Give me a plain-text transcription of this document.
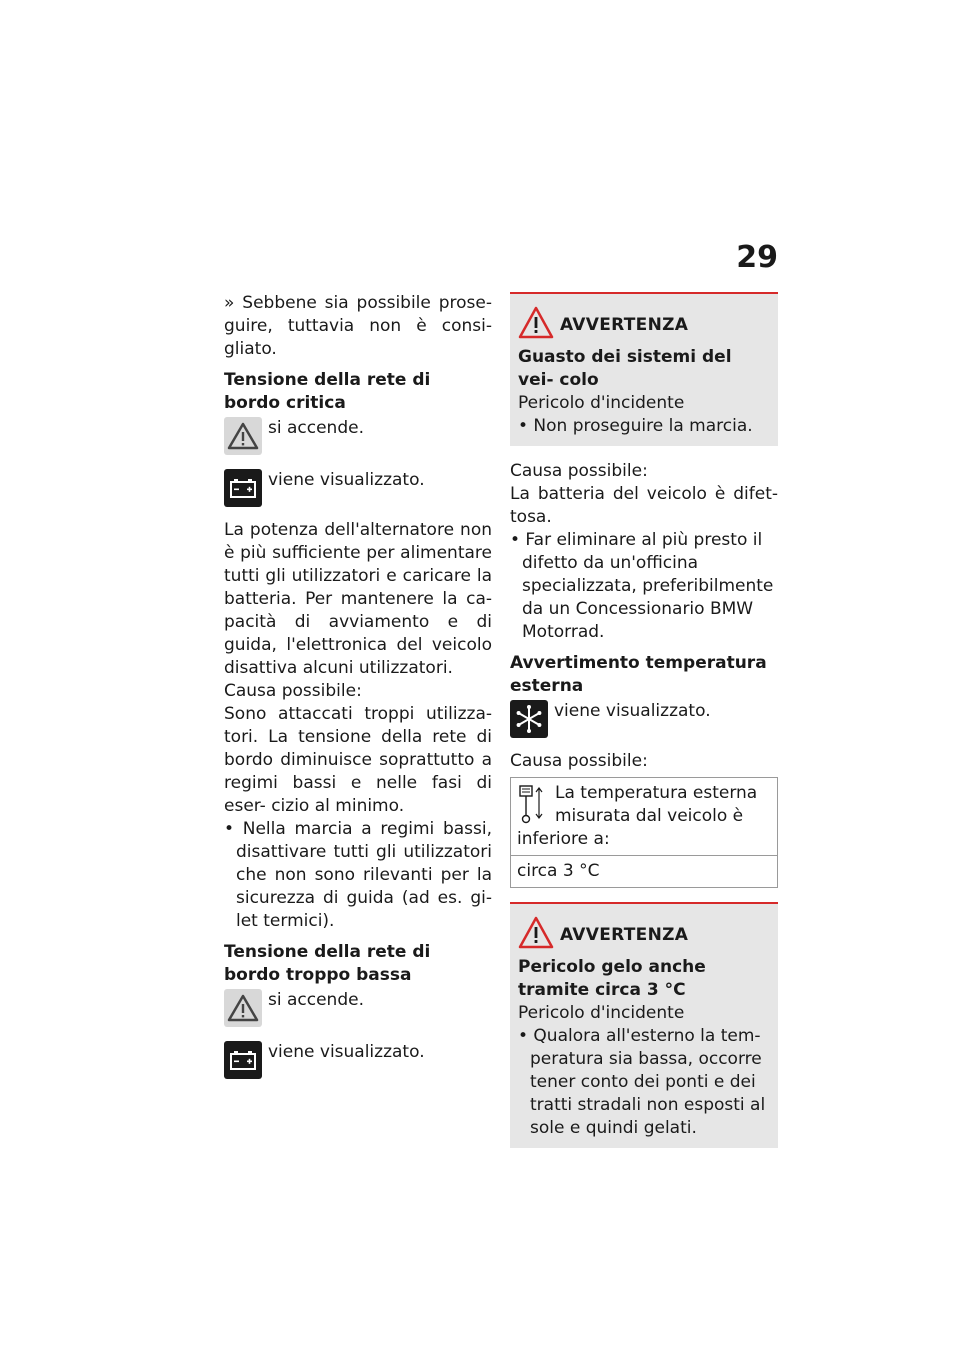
29

» Sebbene sia possibile prose- guire, tuttavia non è consi- gliato.

Tensione della rete di bordo critica

si accende.

viene visualizzato.

La potenza dell'alternatore non è più sufficiente per alimentare tutti gli utilizzatori e caricare la batteria. Per mantenere la ca- pacità di avviamento e di guida, l'elettronica del veicolo disattiva alcuni utilizzatori.

Causa possibile:

Sono attaccati troppi utilizza- tori. La tensione della rete di bordo diminuisce soprattutto a regimi bassi e nelle fasi di eser- cizio al minimo.

• Nella marcia a regimi bassi, disattivare tutti gli utilizzatori che non sono rilevanti per la sicurezza di guida (ad es. gi- let termici).

Tensione della rete di bordo troppo bassa

si accende.

viene visualizzato.

AVVERTENZA

Guasto dei sistemi del vei- colo

Pericolo d'incidente

• Non proseguire la marcia.

Causa possibile:

La batteria del veicolo è difet- tosa.

• Far eliminare al più presto il difetto da un'officina specializzata, preferibilmente da un Concessionario BMW Motorrad.

Avvertimento temperatura esterna

viene visualizzato.

Causa possibile:

La temperatura esterna misurata dal veicolo è inferiore a:
circa 3 °C
AVVERTENZA

Pericolo gelo anche tramite circa 3 °C

Pericolo d'incidente

• Qualora all'esterno la tem- peratura sia bassa, occorre tener conto dei ponti e dei tratti stradali non esposti al sole e quindi gelati.
